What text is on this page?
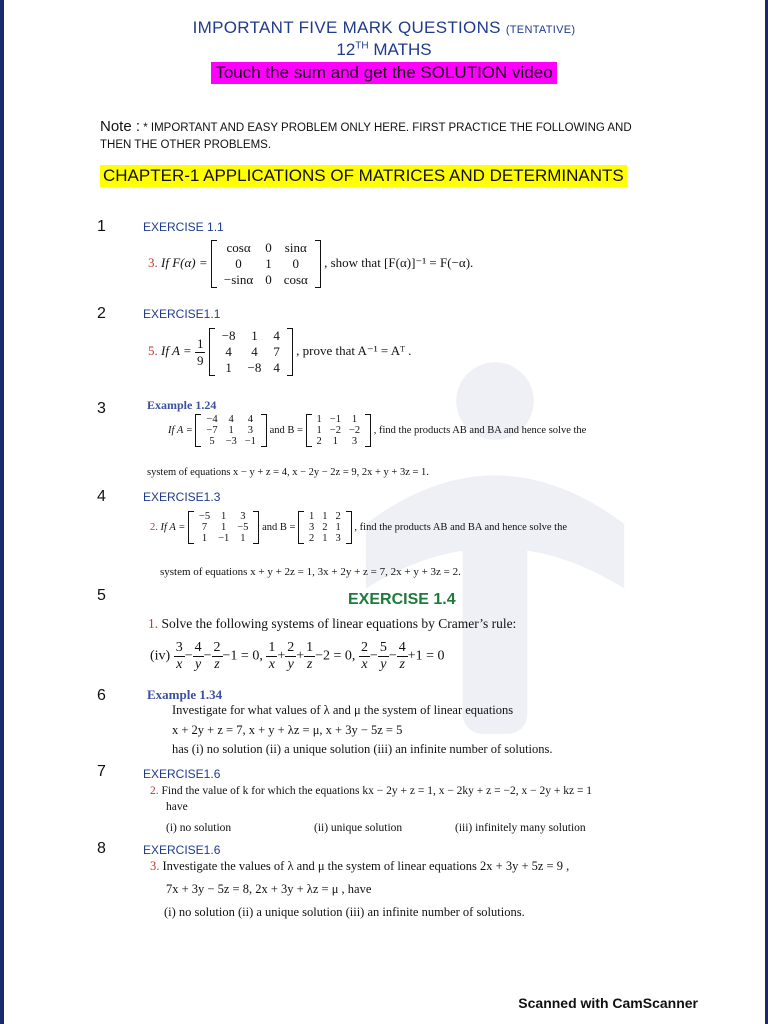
IMPORTANT FIVE MARK QUESTIONS (TENTATIVE)
12TH MATHS
Touch the sum and get the SOLUTION video
Note : * IMPORTANT AND EASY PROBLEM ONLY HERE. FIRST PRACTICE THE FOLLOWING AND THEN THE OTHER PROBLEMS.
CHAPTER-1 APPLICATIONS OF MATRICES AND DETERMINANTS
1	EXERCISE 1.1
3. If F(α) =
cosα	0	sinα
0	1	0
−sinα	0	cosα
, show that [F(α)]⁻¹ = F(−α).
2	EXERCISE1.1
5. If $A = \frac{1}{9}$
−8	1	4
4	4	7
1	−8	4
, prove that A⁻¹ = Aᵀ .
3	Example 1.24
If A =
−4	4	4
−7	1	3
5	−3	−1
and B =
1	−1	1
1	−2	−2
2	1	3
, find the products AB and BA and hence solve the
system of equations x − y + z = 4, x − 2y − 2z = 9, 2x + y + 3z = 1.
4	EXERCISE1.3
2. If A =
−5	1	3
7	1	−5
1	−1	1
and B =
1	1	2
3	2	1
2	1	3
, find the products AB and BA and hence solve the
system of equations x + y + 2z = 1, 3x + 2y + z = 7, 2x + y + 3z = 2.
5	EXERCISE 1.4
1. Solve the following systems of linear equations by Cramer’s rule:
$(iv) \frac{3}{x} - \frac{4}{y} - \frac{2}{z} -1 = 0$, $\frac{1}{x} + \frac{2}{y} + \frac{1}{z} -2 = 0$, $\frac{2}{x} - \frac{5}{y} - \frac{4}{z} +1 = 0$
6	Example 1.34
Investigate for what values of λ and μ the system of linear equations
x + 2y + z = 7, x + y + λz = μ, x + 3y − 5z = 5
has (i) no solution (ii) a unique solution (iii) an infinite number of solutions.
7	EXERCISE1.6
2. Find the value of k for which the equations kx − 2y + z = 1, x − 2ky + z = −2, x − 2y + kz = 1
have
(i) no solution	(ii) unique solution	(iii) infinitely many solution
8	EXERCISE1.6
3. Investigate the values of λ and μ the system of linear equations 2x + 3y + 5z = 9 ,
7x + 3y − 5z = 8, 2x + 3y + λz = μ , have
(i) no solution (ii) a unique solution (iii) an infinite number of solutions.
Scanned with CamScanner
